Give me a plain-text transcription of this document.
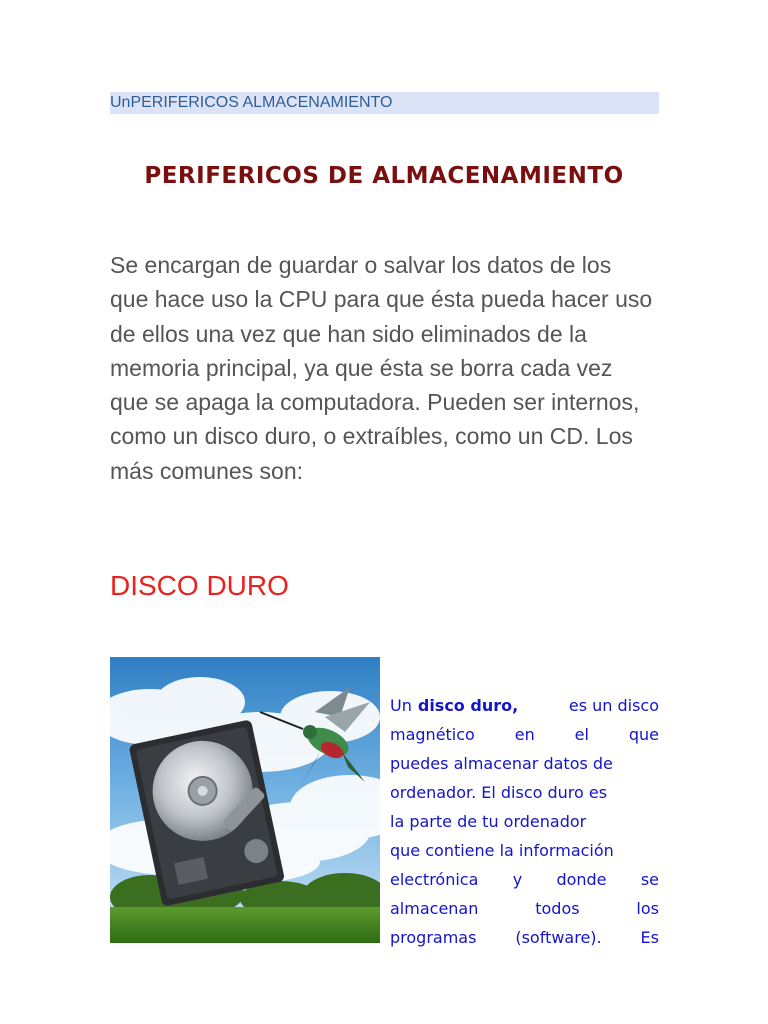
UnPERIFERICOS ALMACENAMIENTO
PERIFERICOS DE ALMACENAMIENTO
Se encargan de guardar o salvar los datos de los
que hace uso la CPU para que ésta pueda hacer uso
de ellos una vez que han sido eliminados de la
memoria principal, ya que ésta se borra cada vez
que se apaga la computadora. Pueden ser internos,
como un disco duro, o extraíbles, como un CD. Los
más comunes son:
DISCO DURO
Un disco duro,	es un disco
magnético en el que
puedes almacenar datos de
ordenador. El disco duro es
la parte de tu ordenador
que contiene la información
electrónica y donde se
almacenan	todos	los
programas (software). Es
